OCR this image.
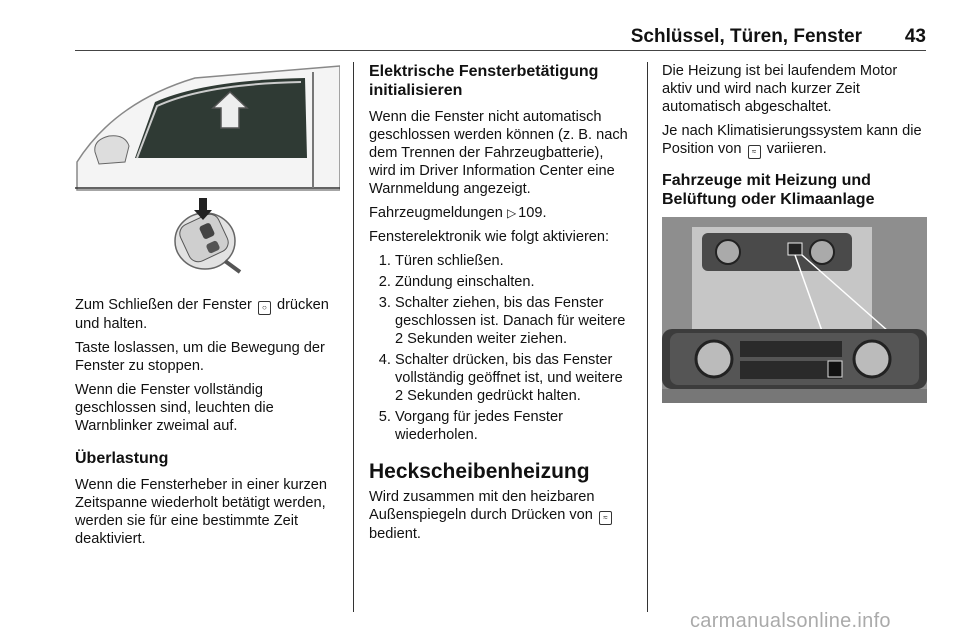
Schlüssel, Türen, Fenster 43

Zum Schließen der Fenster ○ drücken und halten.

Taste loslassen, um die Bewegung der Fenster zu stoppen.

Wenn die Fenster vollständig geschlossen sind, leuchten die Warnblinker zweimal auf.

Überlastung

Wenn die Fensterheber in einer kurzen Zeitspanne wiederholt betätigt werden, werden sie für eine bestimmte Zeit deaktiviert.

Elektrische Fensterbetätigung initialisieren

Wenn die Fenster nicht automatisch geschlossen werden können (z. B. nach dem Trennen der Fahrzeugbatterie), wird im Driver Information Center eine Warnmeldung angezeigt.

Fahrzeugmeldungen ▷ 109.

Fensterelektronik wie folgt aktivieren:

1. Türen schließen.
2. Zündung einschalten.
3. Schalter ziehen, bis das Fenster geschlossen ist. Danach für weitere 2 Sekunden weiter ziehen.
4. Schalter drücken, bis das Fenster vollständig geöffnet ist, und weitere 2 Sekunden gedrückt halten.
5. Vorgang für jedes Fenster wiederholen.
Heckscheibenheizung

Wird zusammen mit den heizbaren Außenspiegeln durch Drücken von ≈ bedient.

Die Heizung ist bei laufendem Motor aktiv und wird nach kurzer Zeit automatisch abgeschaltet.

Je nach Klimatisierungssystem kann die Position von ≈ variieren.

Fahrzeuge mit Heizung und Belüftung oder Klimaanlage
carmanualsonline.info
